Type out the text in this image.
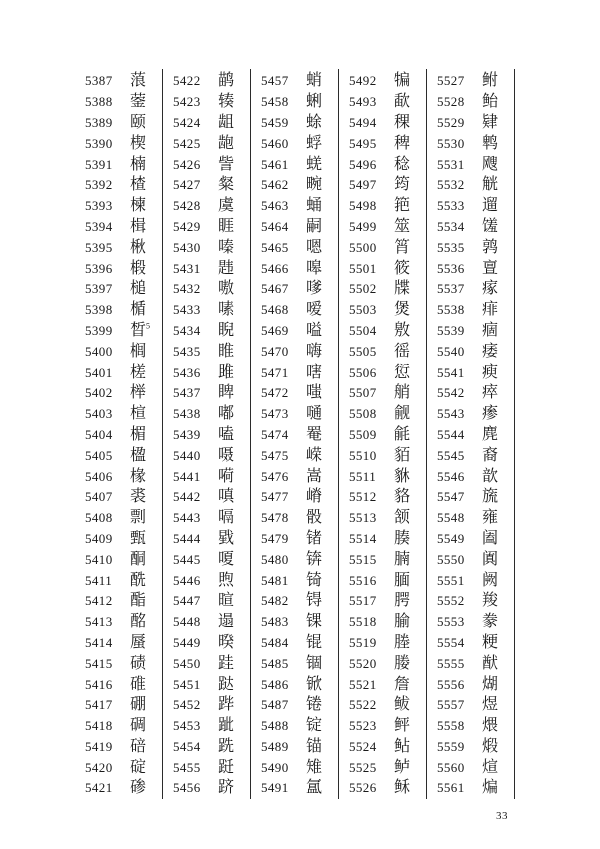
5387	蒗
5388	蓥
5389	颐
5390	楔
5391	楠
5392	楂
5393	楝
5394	楫
5395	楸
5396	椴
5397	槌
5398	楯
5399	晳$^5$
5400	榈
5401	槎
5402	榉
5403	楦
5404	楣
5405	楹
5406	椽
5407	裘
5408	剽
5409	甄
5410	酮
5411	酰
5412	酯
5413	酩
5414	蜃
5415	碛
5416	碓
5417	硼
5418	碉
5419	碚
5420	碇
5421	碜
5422	鹋
5423	辏
5424	龃
5425	龅
5426	訾
5427	粲
5428	虞
5429	睚
5430	嗪
5431	韪
5432	嗷
5433	嗉
5434	睨
5435	睢
5436	雎
5437	睥
5438	嘟
5439	嗑
5440	嗫
5441	嗬
5442	嗔
5443	嗝
5444	戥
5445	嗄
5446	煦
5447	暄
5448	遢
5449	暌
5450	跬
5451	跶
5452	跸
5453	跐
5454	跣
5455	跹
5456	跻
5457	蛸
5458	蜊
5459	蜍
5460	蜉
5461	蜣
5462	畹
5463	蛹
5464	嗣
5465	嗯
5466	嗥
5467	嗲
5468	嗳
5469	嗌
5470	嗨
5471	嗐
5472	嗤
5473	嗵
5474	罨
5475	嵘
5476	嵩
5477	嵴
5478	骰
5479	锗
5480	锛
5481	锜
5482	锝
5483	锞
5484	锟
5485	锢
5486	锨
5487	锩
5488	锭
5489	锚
5490	雉
5491	氲
5492	犏
5493	歃
5494	稞
5495	稗
5496	稔
5497	筠
5498	筢
5499	筮
5500	筲
5501	筱
5502	牒
5503	煲
5504	敫
5505	徭
5506	愆
5507	艄
5508	觎
5509	毹
5510	貊
5511	貅
5512	貉
5513	颔
5514	腠
5515	腩
5516	腼
5517	腭
5518	腧
5519	塍
5520	媵
5521	詹
5522	鲅
5523	鲆
5524	鲇
5525	鲈
5526	稣
5527	鲋
5528	鲐
5529	肄
5530	鹎
5531	飕
5532	觥
5533	遛
5534	馐
5535	鹑
5536	亶
5537	瘃
5538	痱
5539	痼
5540	痿
5541	瘐
5542	瘁
5543	瘆
5544	麂
5545	裔
5546	歆
5547	旒
5548	雍
5549	阖
5550	阗
5551	阙
5552	羧
5553	豢
5554	粳
5555	猷
5556	煳
5557	煜
5558	煨
5559	煅
5560	煊
5561	煸
33
